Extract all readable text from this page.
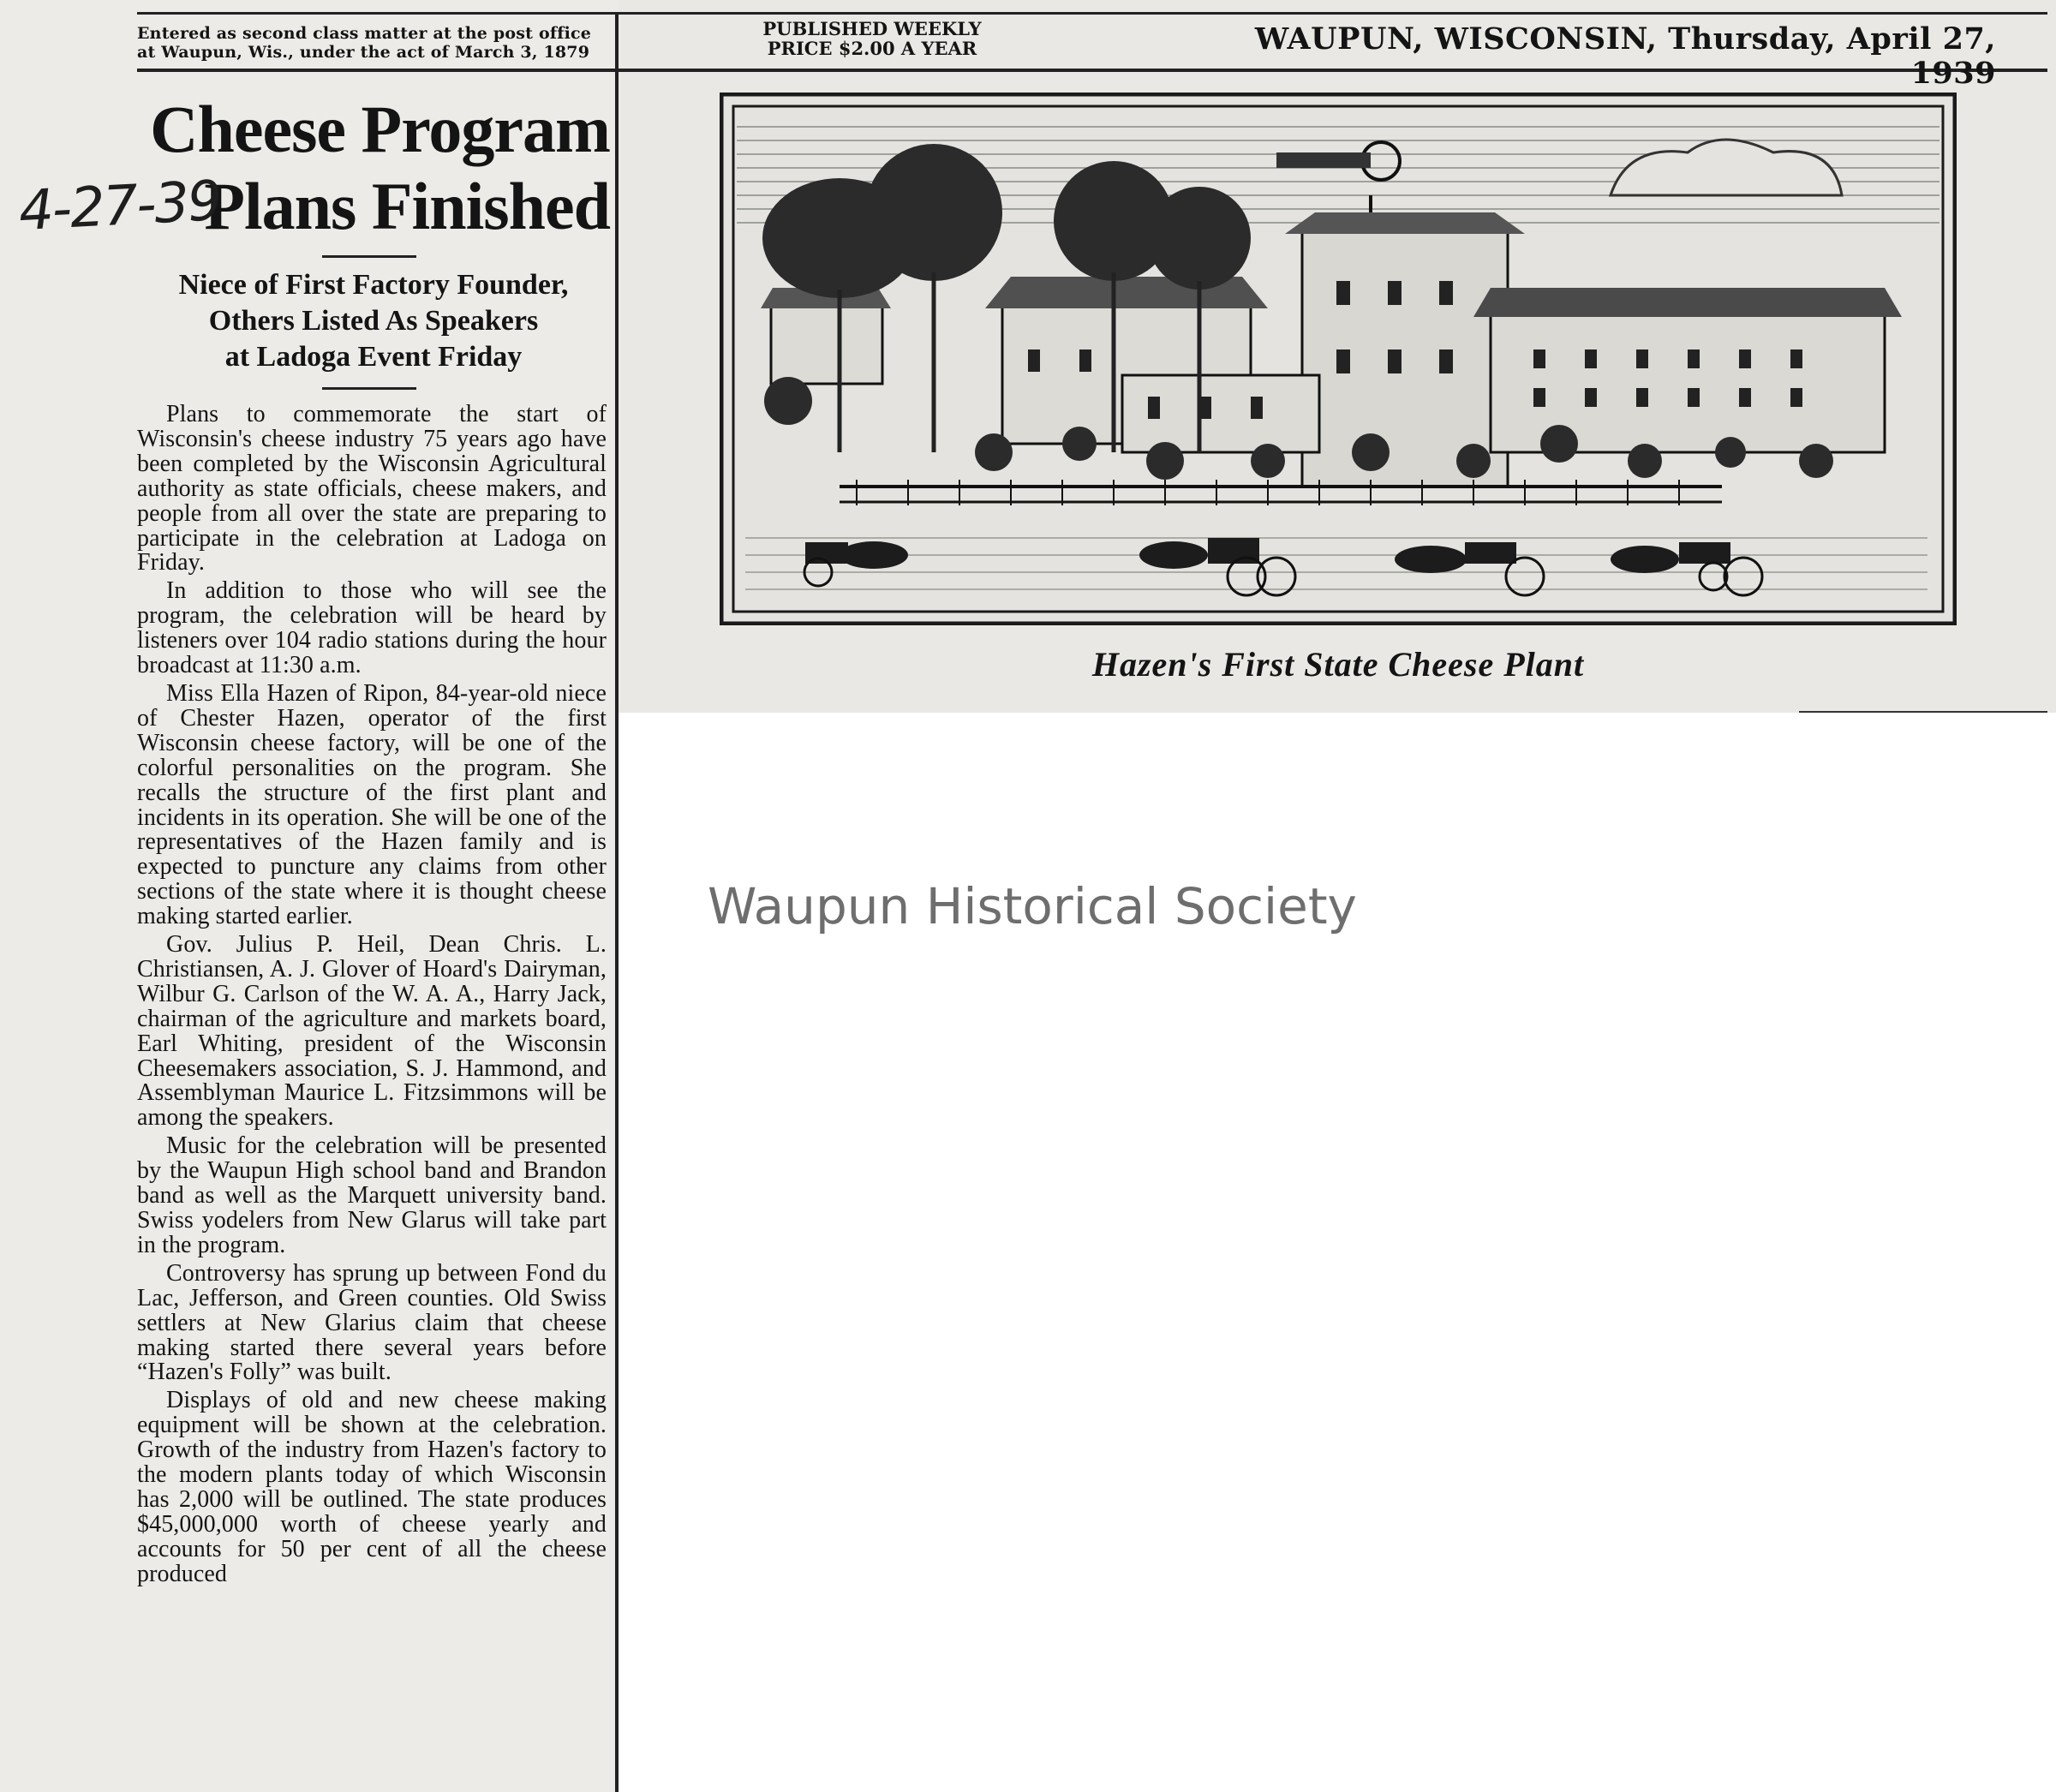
Entered as second class matter at the post office
at Waupun, Wis., under the act of March 3, 1879
PUBLISHED WEEKLY
PRICE $2.00 A YEAR	WAUPUN, WISCONSIN, Thursday, April 27, 1939
Cheese Program
Plans Finished
4-27-39
Niece of First Factory Founder,
Others Listed As Speakers
at Ladoga Event Friday

Plans to commemorate the start of Wisconsin's cheese industry 75 years ago have been completed by the Wisconsin Agricultural authority as state officials, cheese makers, and people from all over the state are preparing to participate in the celebration at Ladoga on Friday.

In addition to those who will see the program, the celebration will be heard by listeners over 104 radio stations during the hour broadcast at 11:30 a.m.

Miss Ella Hazen of Ripon, 84-year-old niece of Chester Hazen, operator of the first Wisconsin cheese factory, will be one of the colorful personalities on the program. She recalls the structure of the first plant and incidents in its operation. She will be one of the representatives of the Hazen family and is expected to puncture any claims from other sections of the state where it is thought cheese making started earlier.

Gov. Julius P. Heil, Dean Chris. L. Christiansen, A. J. Glover of Hoard's Dairyman, Wilbur G. Carlson of the W. A. A., Harry Jack, chairman of the agriculture and markets board, Earl Whiting, president of the Wisconsin Cheesemakers association, S. J. Hammond, and Assemblyman Maurice L. Fitzsimmons will be among the speakers.

Music for the celebration will be presented by the Waupun High school band and Brandon band as well as the Marquett university band. Swiss yodelers from New Glarus will take part in the program.

Controversy has sprung up between Fond du Lac, Jefferson, and Green counties. Old Swiss settlers at New Glarius claim that cheese making started there several years before “Hazen's Folly” was built.

Displays of old and new cheese making equipment will be shown at the celebration. Growth of the industry from Hazen's factory to the modern plants today of which Wisconsin has 2,000 will be outlined. The state produces $45,000,000 worth of cheese yearly and accounts for 50 per cent of all the cheese produced

Hazen's First State Cheese Plant
Waupun Historical Society
